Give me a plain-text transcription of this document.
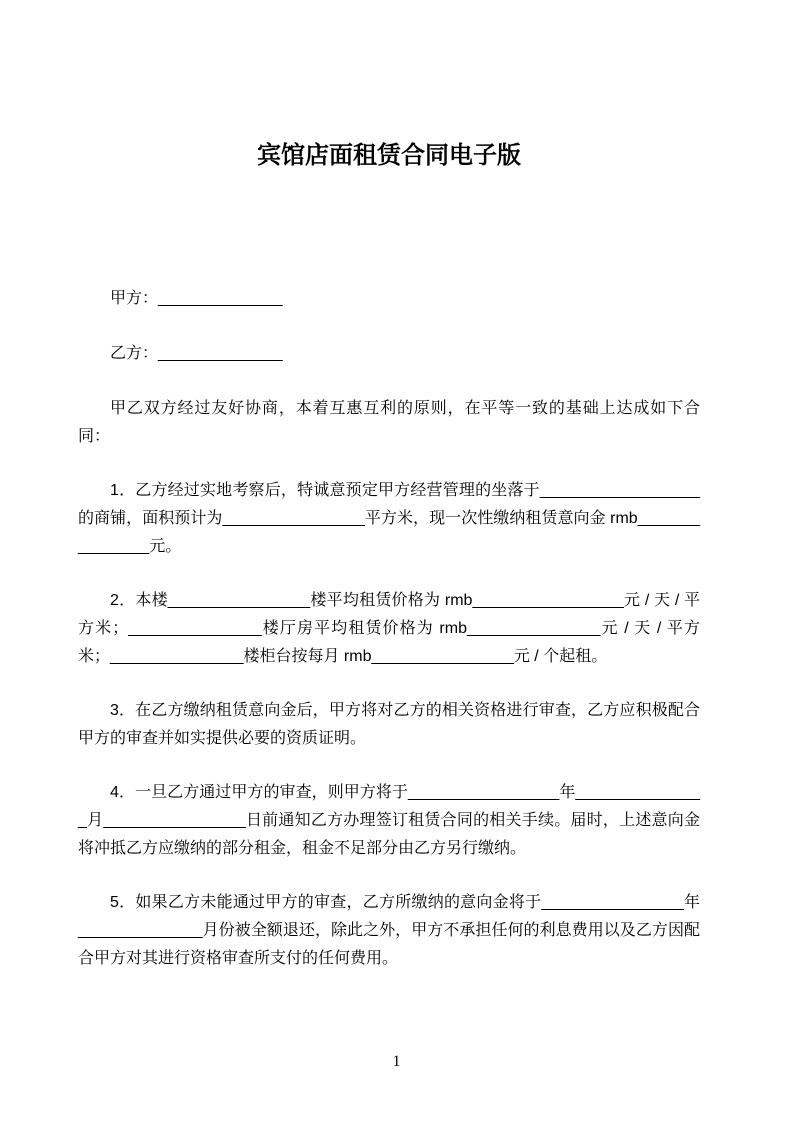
宾馆店面租赁合同电子版

甲方：______________

乙方：______________

甲乙双方经过友好协商，本着互惠互利的原则，在平等一致的基础上达成如下合同：

1．乙方经过实地考察后，特诚意预定甲方经营管理的坐落于__________________的商铺，面积预计为________________平方米，现一次性缴纳租赁意向金 rmb_______________元。

2．本楼________________楼平均租赁价格为 rmb_________________元 / 天 / 平方米；_______________楼厅房平均租赁价格为 rmb_______________元 / 天 / 平方米；_______________楼柜台按每月 rmb________________元 / 个起租。

3．在乙方缴纳租赁意向金后，甲方将对乙方的相关资格进行审查，乙方应积极配合甲方的审查并如实提供必要的资质证明。

4．一旦乙方通过甲方的审查，则甲方将于_________________年_______________月________________日前通知乙方办理签订租赁合同的相关手续。届时，上述意向金将冲抵乙方应缴纳的部分租金，租金不足部分由乙方另行缴纳。

5．如果乙方未能通过甲方的审查，乙方所缴纳的意向金将于________________年______________月份被全额退还，除此之外，甲方不承担任何的利息费用以及乙方因配合甲方对其进行资格审查所支付的任何费用。

1
